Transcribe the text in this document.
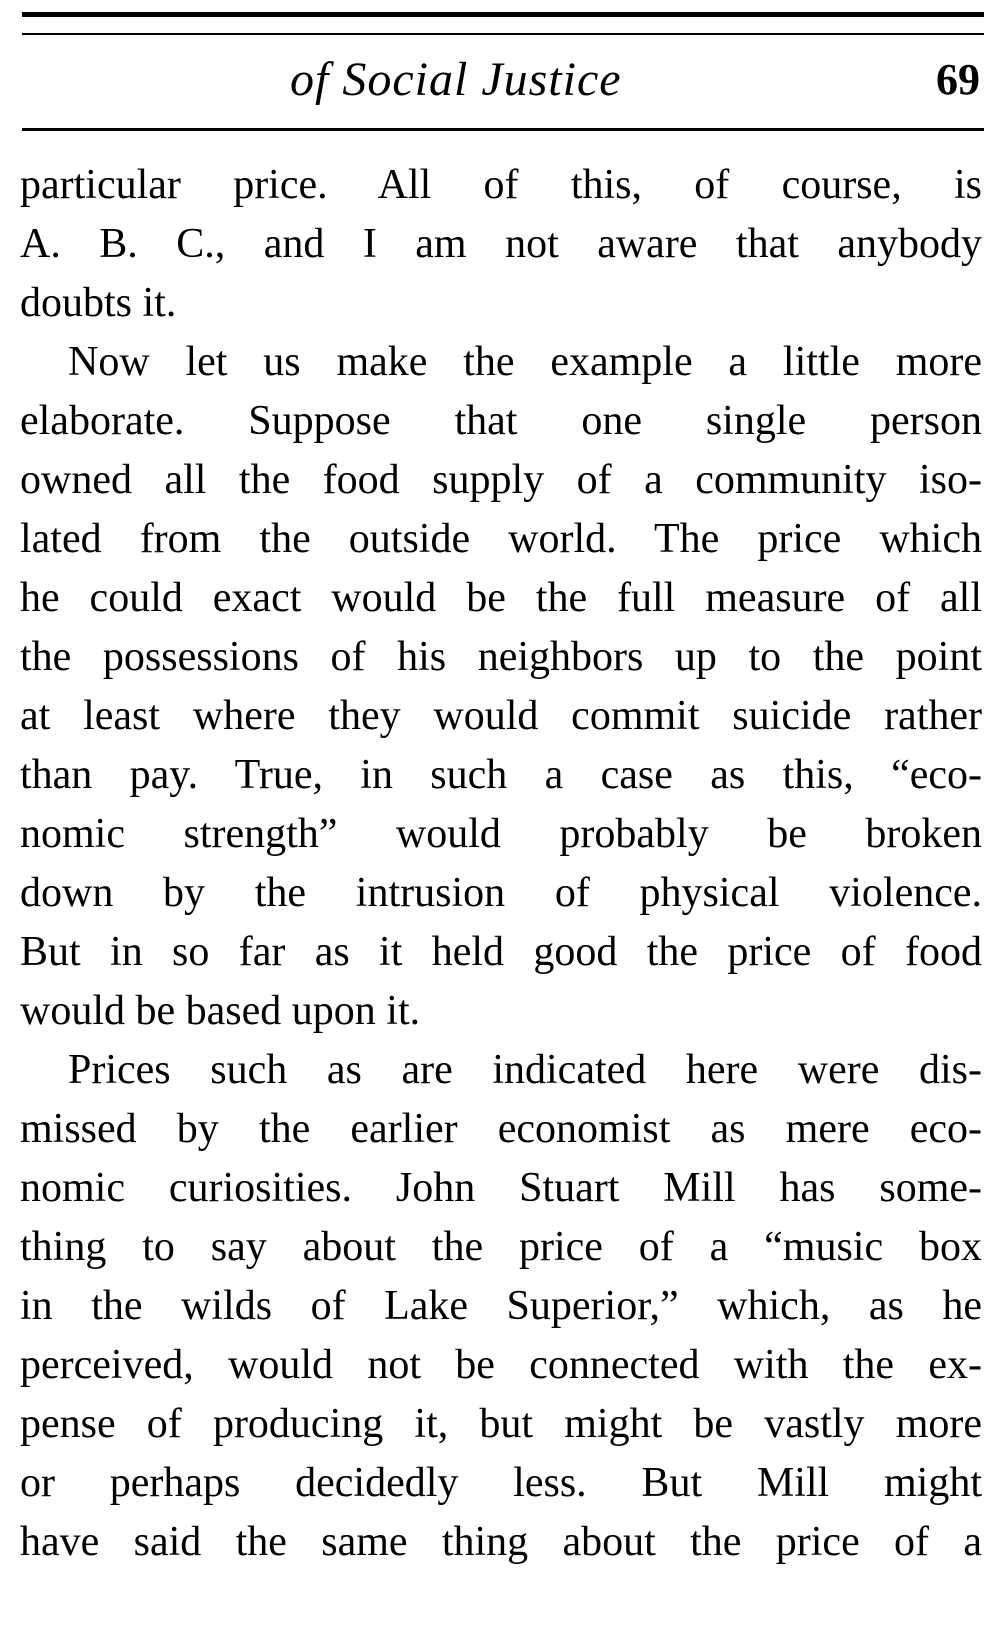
of Social Justice	69

particular price. All of this, of course, is
A. B. C., and I am not aware that anybody
doubts it.

Now let us make the example a little more
elaborate. Suppose that one single person
owned all the food supply of a community iso-
lated from the outside world. The price which
he could exact would be the full measure of all
the possessions of his neighbors up to the point
at least where they would commit suicide rather
than pay. True, in such a case as this, “eco-
nomic strength” would probably be broken
down by the intrusion of physical violence.
But in so far as it held good the price of food
would be based upon it.

Prices such as are indicated here were dis-
missed by the earlier economist as mere eco-
nomic curiosities. John Stuart Mill has some-
thing to say about the price of a “music box
in the wilds of Lake Superior,” which, as he
perceived, would not be connected with the ex-
pense of producing it, but might be vastly more
or perhaps decidedly less. But Mill might
have said the same thing about the price of a
